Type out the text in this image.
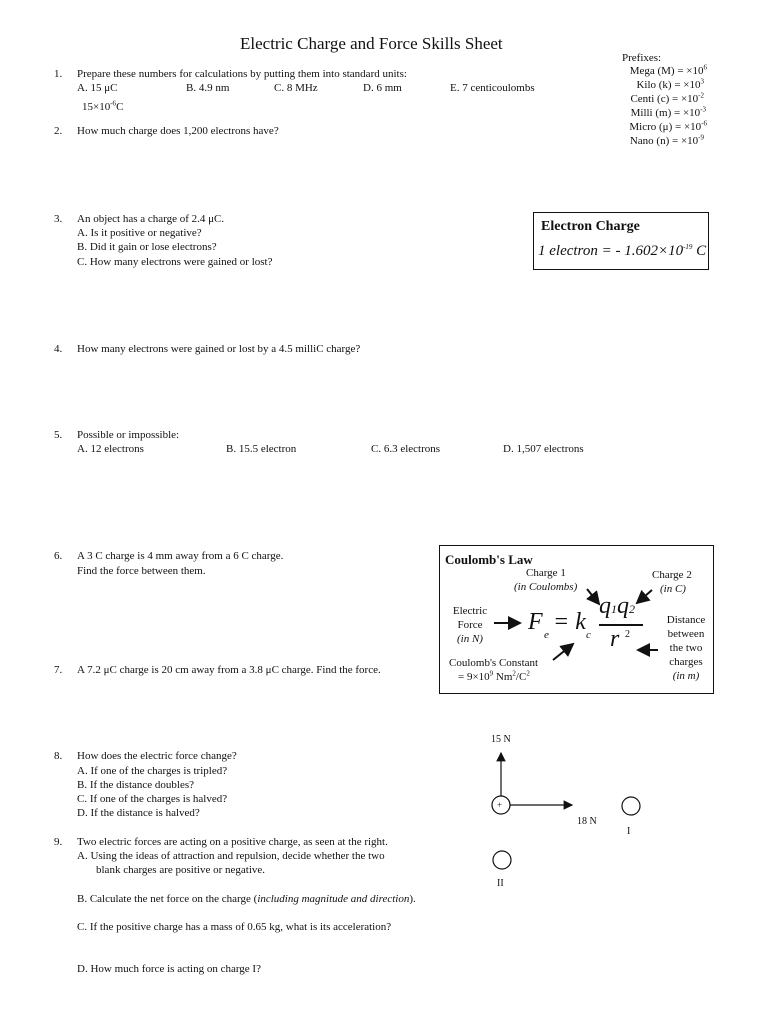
Electric Charge and Force Skills Sheet
Prefixes:
Mega $(M) = \times 10^6$
Kilo $(k) = \times 10^3$
Centi $(c) = \times 10^{-2}$
Milli $(m) = \times 10^{-3}$
Micro $(\mu) = \times 10^{-6}$
Nano $(n) = \times 10^{-9}$
1. Prepare these numbers for calculations by putting them into standard units:
A. 15 μC	B. 4.9 nm	C. 8 MHz	D. 6 mm	E. 7 centicoulombs
$15\times 10^{-6}C$
2. How much charge does 1,200 electrons have?
3. An object has a charge of 2.4 μC.
A. Is it positive or negative?
B. Did it gain or lose electrons?
C. How many electrons were gained or lost?
Electron Charge
1 electron = - $1.602\times 10^{-19}$ C
4. How many electrons were gained or lost by a 4.5 milliC charge?
5. Possible or impossible:
A. 12 electrons	B. 15.5 electron	C. 6.3 electrons	D. 1,507 electrons
6. A 3 C charge is 4 mm away from a 6 C charge.
Find the force between them.
7. A 7.2 μC charge is 20 cm away from a 3.8 μC charge. Find the force.
Coulomb's Law
Charge 1
(in Coulombs)
Charge 2
(in C)
Electric
Force
(in N)
Distance
between
the two
charges
(in m)
F e = k c
q1q2
r 2
Coulomb's Constant
= $9\times 10^9$ $Nm^2/C^2$
8. How does the electric force change?
A. If one of the charges is tripled?
B. If the distance doubles?
C. If one of the charges is halved?
D. If the distance is halved?
15 N
18 N
+
I
II
9. Two electric forces are acting on a positive charge, as seen at the right.
A. Using the ideas of attraction and repulsion, decide whether the two
blank charges are positive or negative.
B. Calculate the net force on the charge (including magnitude and direction).
C. If the positive charge has a mass of 0.65 kg, what is its acceleration?
D. How much force is acting on charge I?
